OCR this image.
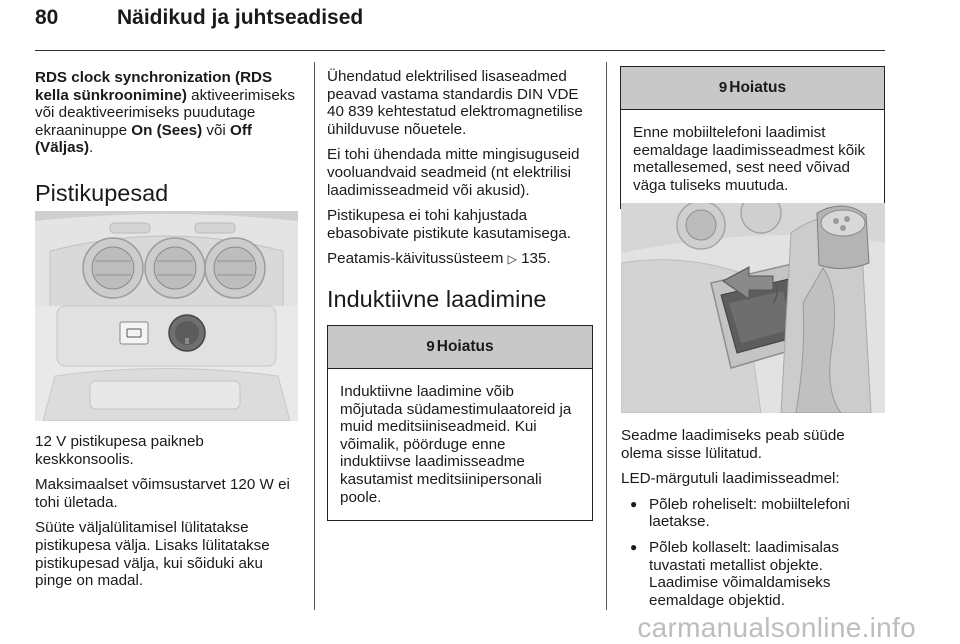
80	Näidikud ja juhtseadised

RDS clock synchronization (RDS kella sünkroonimine) aktiveerimiseks või deaktiveerimiseks puudutage ekraaninuppe On (Sees) või Off (Väljas).

Pistikupesad

12 V pistikupesa paikneb keskkonsoolis.

Maksimaalset võimsustarvet 120 W ei tohi ületada.

Süüte väljalülitamisel lülitatakse pistikupesa välja. Lisaks lülitatakse pistikupesad välja, kui sõiduki aku pinge on madal.

Ühendatud elektrilised lisaseadmed peavad vastama standardis DIN VDE 40 839 kehtestatud elektromagnetilise ühilduvuse nõuetele.

Ei tohi ühendada mitte mingisuguseid vooluandvaid seadmeid (nt elektrilisi laadimisseadmeid või akusid).

Pistikupesa ei tohi kahjustada ebasobivate pistikute kasutamisega.

Peatamis-käivitussüsteem ▷ 135.

Induktiivne laadimine
9 Hoiatus
Induktiivne laadimine võib mõjutada südamestimulaatoreid ja muid meditsiiniseadmeid. Kui võimalik, pöörduge enne induktiivse laadimisseadme kasutamist meditsiinipersonali poole.
9 Hoiatus
Enne mobiiltelefoni laadimist eemaldage laadimisseadmest kõik metallesemed, sest need võivad väga tuliseks muutuda.

Seadme laadimiseks peab süüde olema sisse lülitatud.

LED-märgutuli laadimisseadmel:

● Põleb roheliselt: mobiiltelefoni laetakse.
● Põleb kollaselt: laadimisalas tuvastati metallist objekte. Laadimise võimaldamiseks eemaldage objektid.
carmanualsonline.info
